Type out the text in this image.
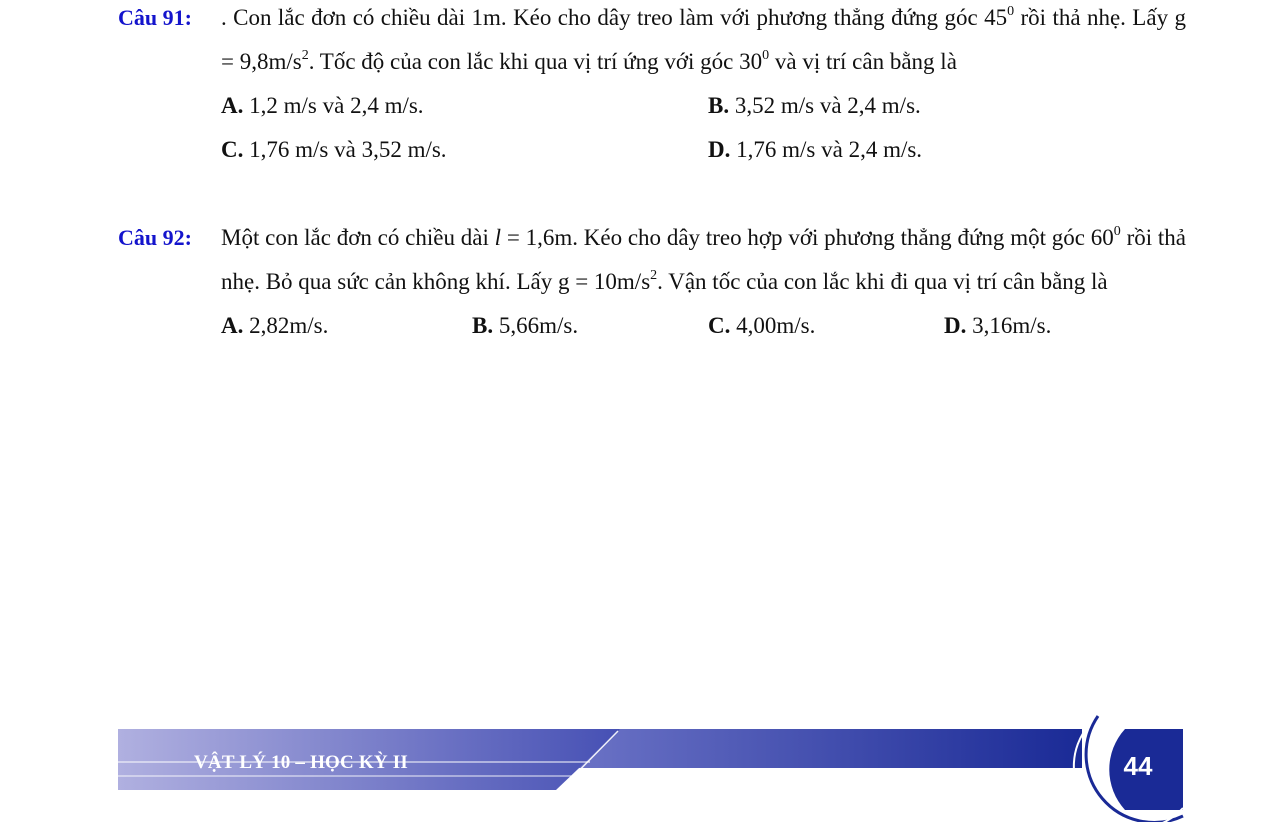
Câu 91: . Con lắc đơn có chiều dài 1m. Kéo cho dây treo làm với phương thẳng đứng góc $45^0$ rồi thả nhẹ. Lấy $g = 9,8m/s^2$. Tốc độ của con lắc khi qua vị trí ứng với góc $30^0$ và vị trí cân bằng là
A. 1,2 m/s và 2,4 m/s.	B. 3,52 m/s và 2,4 m/s.
C. 1,76 m/s và 3,52 m/s.	D. 1,76 m/s và 2,4 m/s.
Câu 92: Một con lắc đơn có chiều dài l = 1,6m. Kéo cho dây treo hợp với phương thẳng đứng một góc $60^0$ rồi thả nhẹ. Bỏ qua sức cản không khí. Lấy $g = 10m/s^2$. Vận tốc của con lắc khi đi qua vị trí cân bằng là
A. 2,82m/s.	B. 5,66m/s.	C. 4,00m/s.	D. 3,16m/s.
VẬT LÝ 10 – HỌC KỲ II	44
